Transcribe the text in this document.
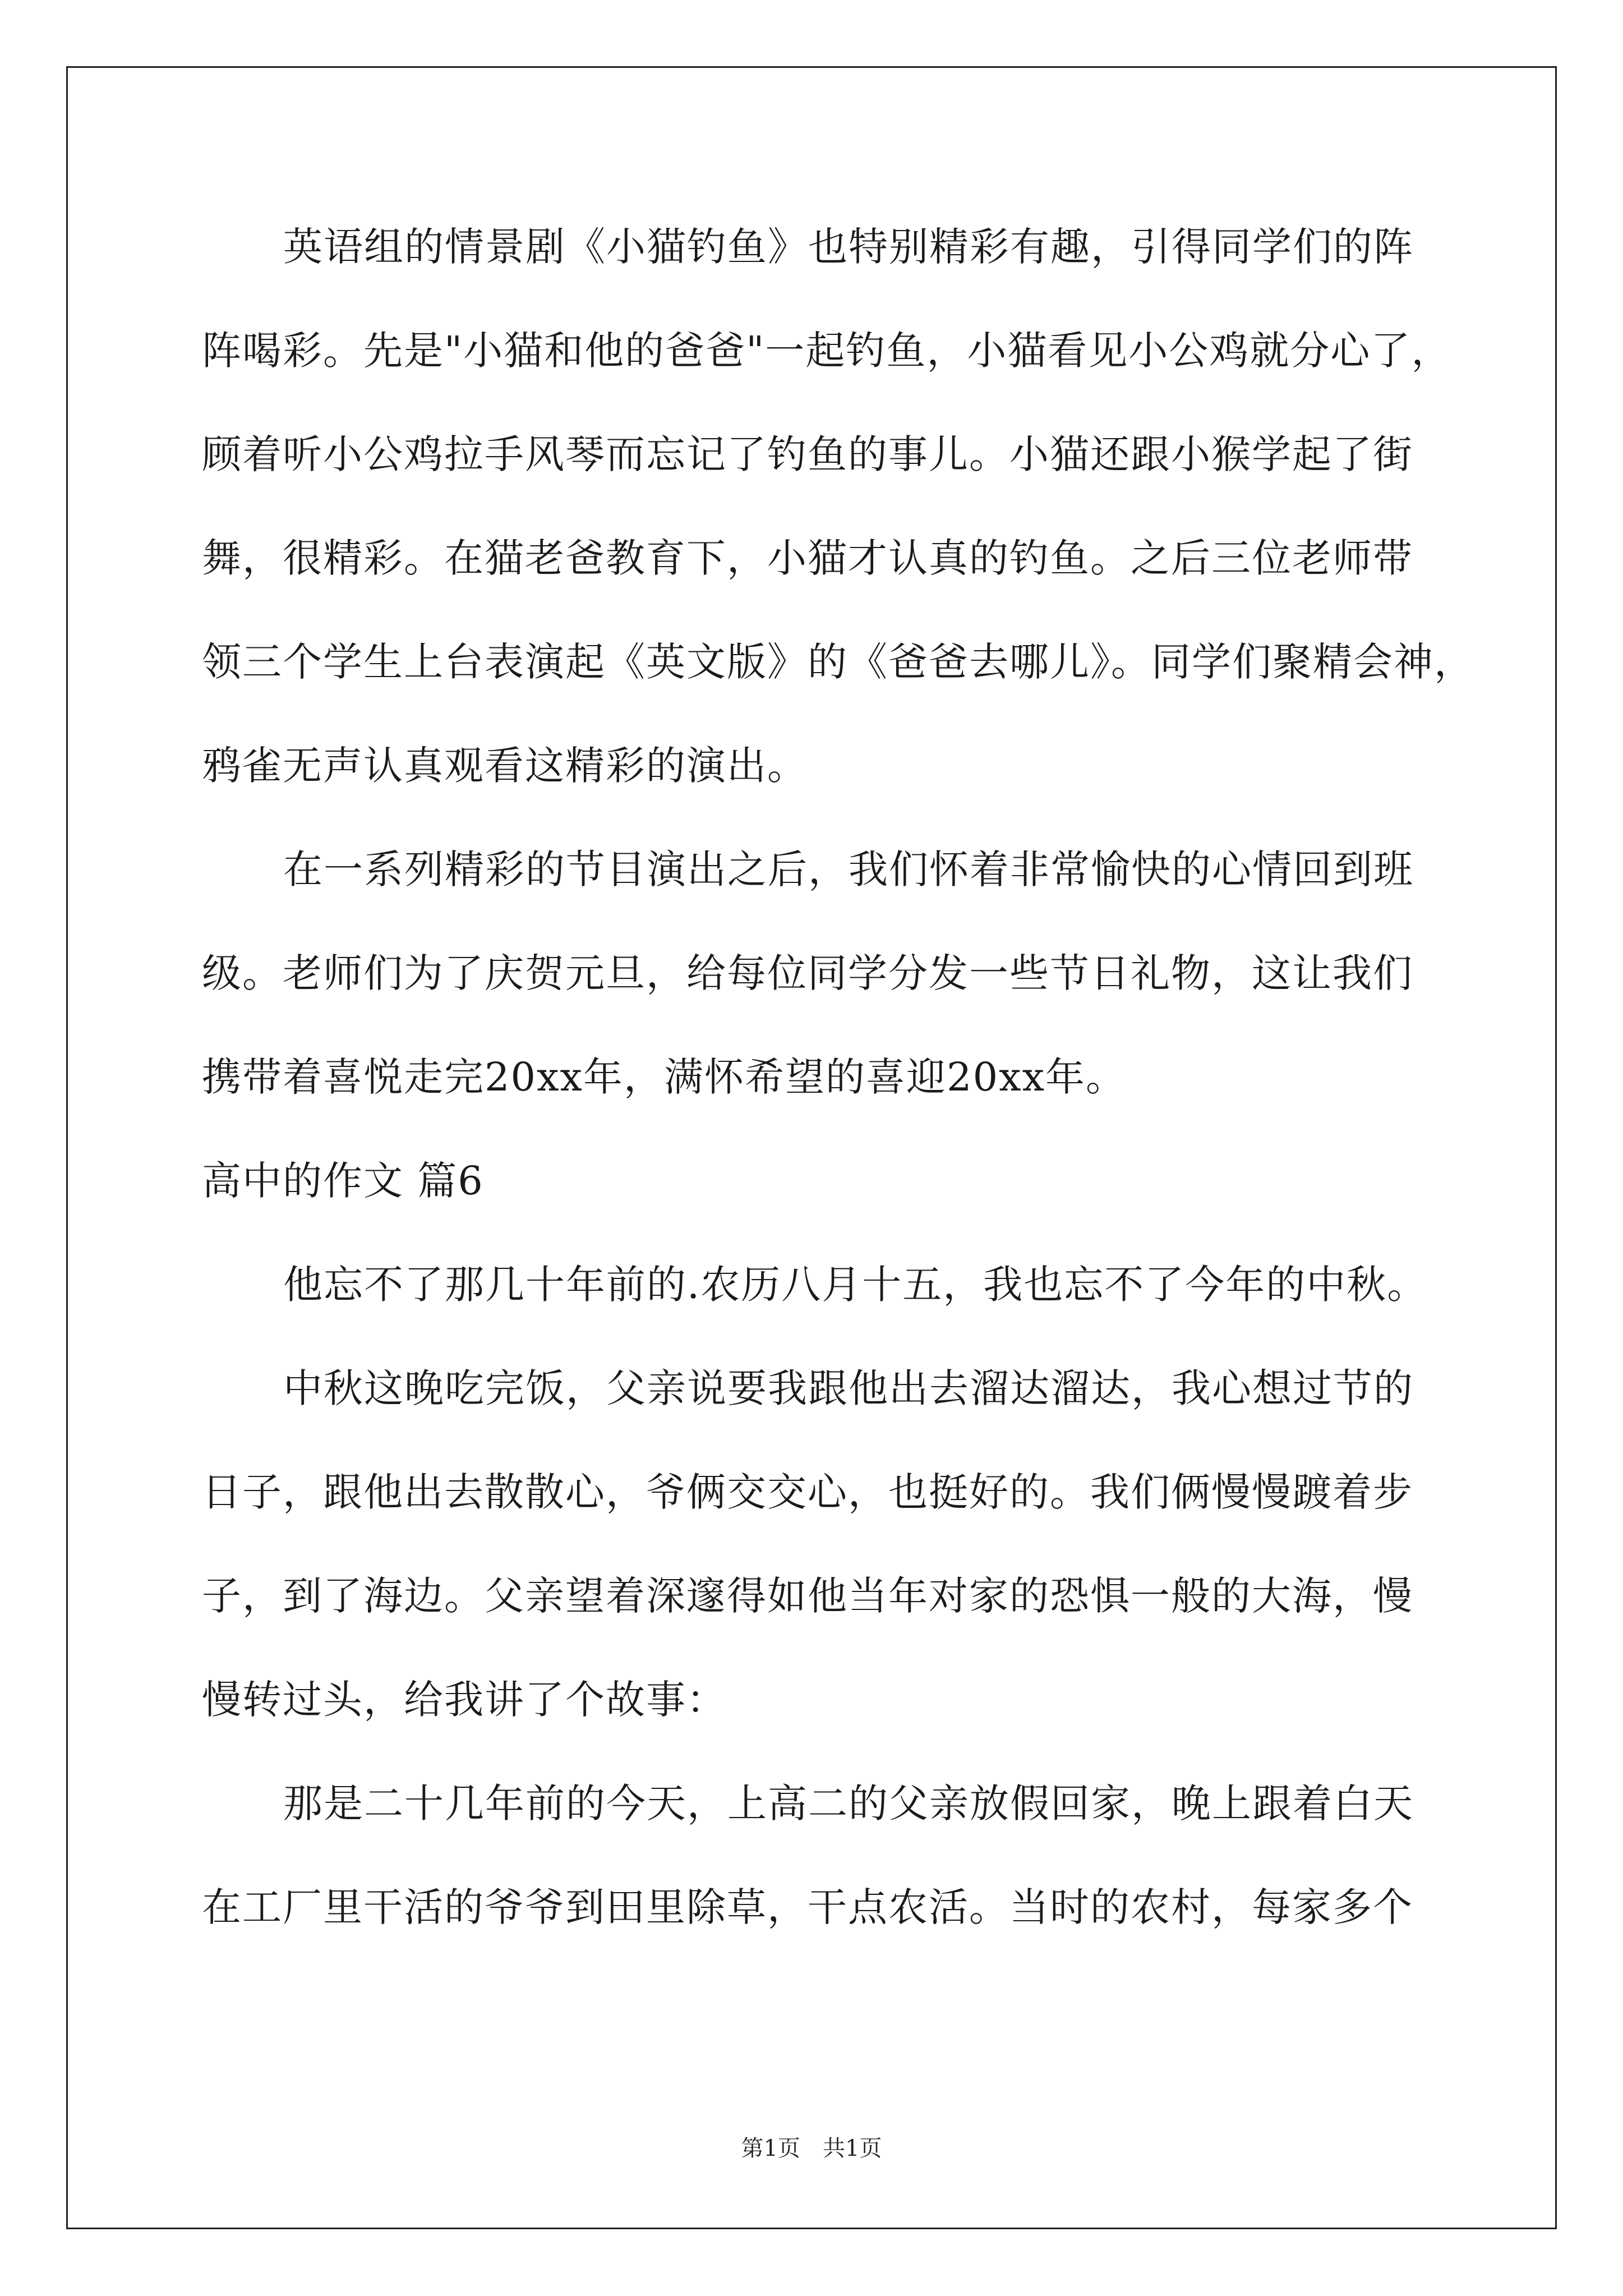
英语组的情景剧《小猫钓鱼》也特别精彩有趣，引得同学们的阵
阵喝彩。先是"小猫和他的爸爸"一起钓鱼，小猫看见小公鸡就分心了，
顾着听小公鸡拉手风琴而忘记了钓鱼的事儿。小猫还跟小猴学起了街
舞，很精彩。在猫老爸教育下，小猫才认真的钓鱼。之后三位老师带
领三个学生上台表演起《英文版》的《爸爸去哪儿》。同学们聚精会神，
鸦雀无声认真观看这精彩的演出。
在一系列精彩的节目演出之后，我们怀着非常愉快的心情回到班
级。老师们为了庆贺元旦，给每位同学分发一些节日礼物，这让我们
携带着喜悦走完20xx年，满怀希望的喜迎20xx年。
高中的作文 篇6
他忘不了那几十年前的.农历八月十五，我也忘不了今年的中秋。
中秋这晚吃完饭，父亲说要我跟他出去溜达溜达，我心想过节的
日子，跟他出去散散心，爷俩交交心，也挺好的。我们俩慢慢踱着步
子，到了海边。父亲望着深邃得如他当年对家的恐惧一般的大海，慢
慢转过头，给我讲了个故事：
那是二十几年前的今天，上高二的父亲放假回家，晚上跟着白天
在工厂里干活的爷爷到田里除草，干点农活。当时的农村，每家多个
第1页　共1页
